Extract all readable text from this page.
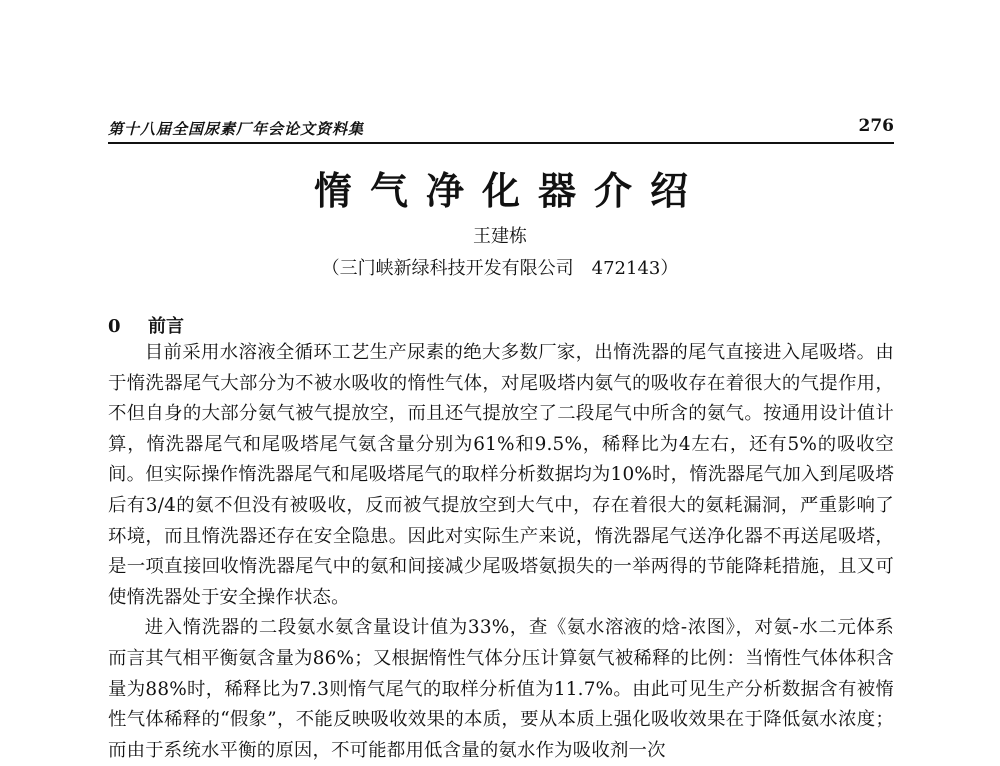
第十八届全国尿素厂年会论文资料集	276
惰气净化器介绍
王建栋
（三门峡新绿科技开发有限公司　472143）
0 前言

目前采用水溶液全循环工艺生产尿素的绝大多数厂家，出惰洗器的尾气直接进入尾吸塔。由于惰洗器尾气大部分为不被水吸收的惰性气体，对尾吸塔内氨气的吸收存在着很大的气提作用，不但自身的大部分氨气被气提放空，而且还气提放空了二段尾气中所含的氨气。按通用设计值计算，惰洗器尾气和尾吸塔尾气氨含量分别为61%和9.5%，稀释比为4左右，还有5%的吸收空间。但实际操作惰洗器尾气和尾吸塔尾气的取样分析数据均为10%时，惰洗器尾气加入到尾吸塔后有3/4的氨不但没有被吸收，反而被气提放空到大气中，存在着很大的氨耗漏洞，严重影响了环境，而且惰洗器还存在安全隐患。因此对实际生产来说，惰洗器尾气送净化器不再送尾吸塔，是一项直接回收惰洗器尾气中的氨和间接减少尾吸塔氨损失的一举两得的节能降耗措施，且又可使惰洗器处于安全操作状态。

进入惰洗器的二段氨水氨含量设计值为33%，查《氨水溶液的焓-浓图》，对氨-水二元体系而言其气相平衡氨含量为86%；又根据惰性气体分压计算氨气被稀释的比例：当惰性气体体积含量为88%时，稀释比为7.3则惰气尾气的取样分析值为11.7%。由此可见生产分析数据含有被惰性气体稀释的“假象”，不能反映吸收效果的本质，要从本质上强化吸收效果在于降低氨水浓度；而由于系统水平衡的原因，不可能都用低含量的氨水作为吸收剂一次
